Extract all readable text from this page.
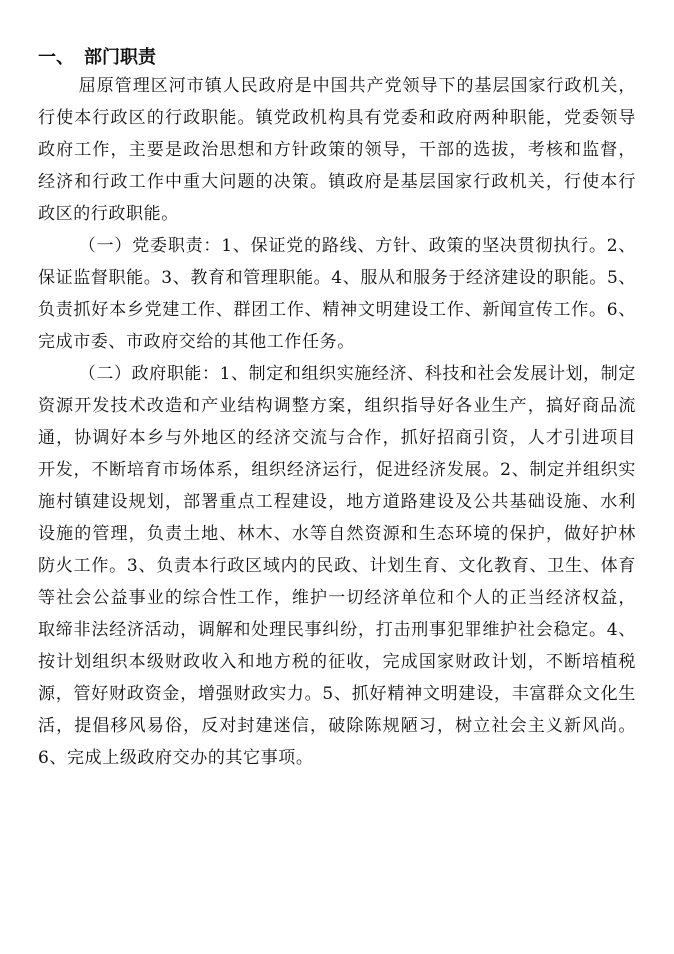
一、 部门职责

屈原管理区河市镇人民政府是中国共产党领导下的基层国家行政机关，行使本行政区的行政职能。镇党政机构具有党委和政府两种职能，党委领导政府工作，主要是政治思想和方针政策的领导，干部的选拔，考核和监督，经济和行政工作中重大问题的决策。镇政府是基层国家行政机关，行使本行政区的行政职能。

（一）党委职责：1、保证党的路线、方针、政策的坚决贯彻执行。2、保证监督职能。3、教育和管理职能。4、服从和服务于经济建设的职能。5、负责抓好本乡党建工作、群团工作、精神文明建设工作、新闻宣传工作。6、完成市委、市政府交给的其他工作任务。

（二）政府职能：1、制定和组织实施经济、科技和社会发展计划，制定资源开发技术改造和产业结构调整方案，组织指导好各业生产，搞好商品流通，协调好本乡与外地区的经济交流与合作，抓好招商引资，人才引进项目开发，不断培育市场体系，组织经济运行，促进经济发展。2、制定并组织实施村镇建设规划，部署重点工程建设，地方道路建设及公共基础设施、水利设施的管理，负责土地、林木、水等自然资源和生态环境的保护，做好护林防火工作。3、负责本行政区域内的民政、计划生育、文化教育、卫生、体育等社会公益事业的综合性工作，维护一切经济单位和个人的正当经济权益，取缔非法经济活动，调解和处理民事纠纷，打击刑事犯罪维护社会稳定。4、按计划组织本级财政收入和地方税的征收，完成国家财政计划，不断培植税源，管好财政资金，增强财政实力。5、抓好精神文明建设，丰富群众文化生活，提倡移风易俗，反对封建迷信，破除陈规陋习，树立社会主义新风尚。6、完成上级政府交办的其它事项。
